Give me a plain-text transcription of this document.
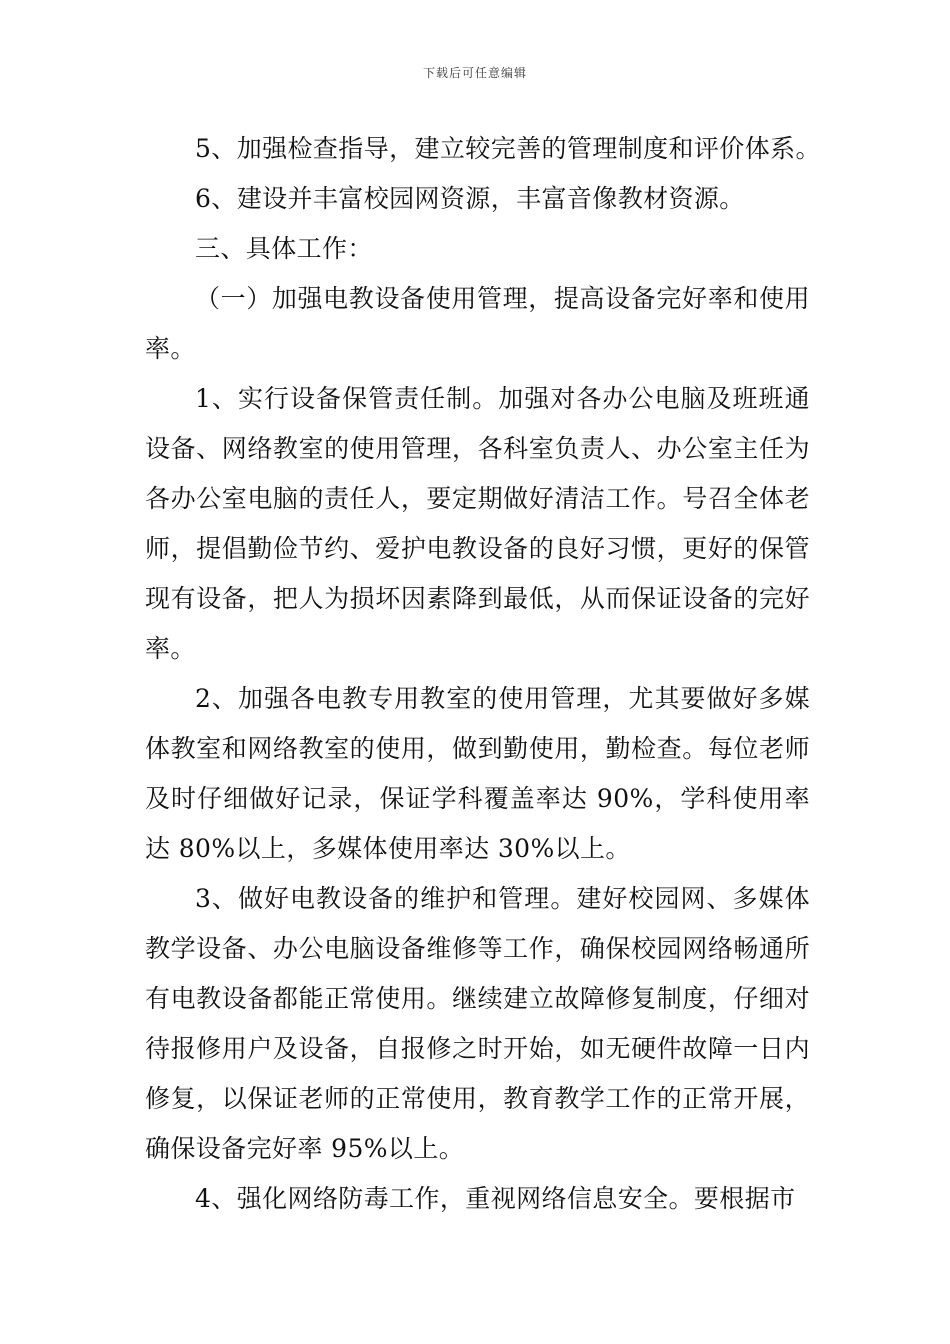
下载后可任意编辑

5、加强检查指导，建立较完善的管理制度和评价体系。

6、建设并丰富校园网资源，丰富音像教材资源。

三、具体工作：

（一）加强电教设备使用管理，提高设备完好率和使用率。

1、实行设备保管责任制。加强对各办公电脑及班班通设备、网络教室的使用管理，各科室负责人、办公室主任为各办公室电脑的责任人，要定期做好清洁工作。号召全体老师，提倡勤俭节约、爱护电教设备的良好习惯，更好的保管现有设备，把人为损坏因素降到最低，从而保证设备的完好率。

2、加强各电教专用教室的使用管理，尤其要做好多媒体教室和网络教室的使用，做到勤使用，勤检查。每位老师及时仔细做好记录，保证学科覆盖率达 90%，学科使用率达 80%以上，多媒体使用率达 30%以上。

3、做好电教设备的维护和管理。建好校园网、多媒体教学设备、办公电脑设备维修等工作，确保校园网络畅通所有电教设备都能正常使用。继续建立故障修复制度，仔细对待报修用户及设备，自报修之时开始，如无硬件故障一日内修复，以保证老师的正常使用，教育教学工作的正常开展，确保设备完好率 95%以上。

4、强化网络防毒工作，重视网络信息安全。要根据市
